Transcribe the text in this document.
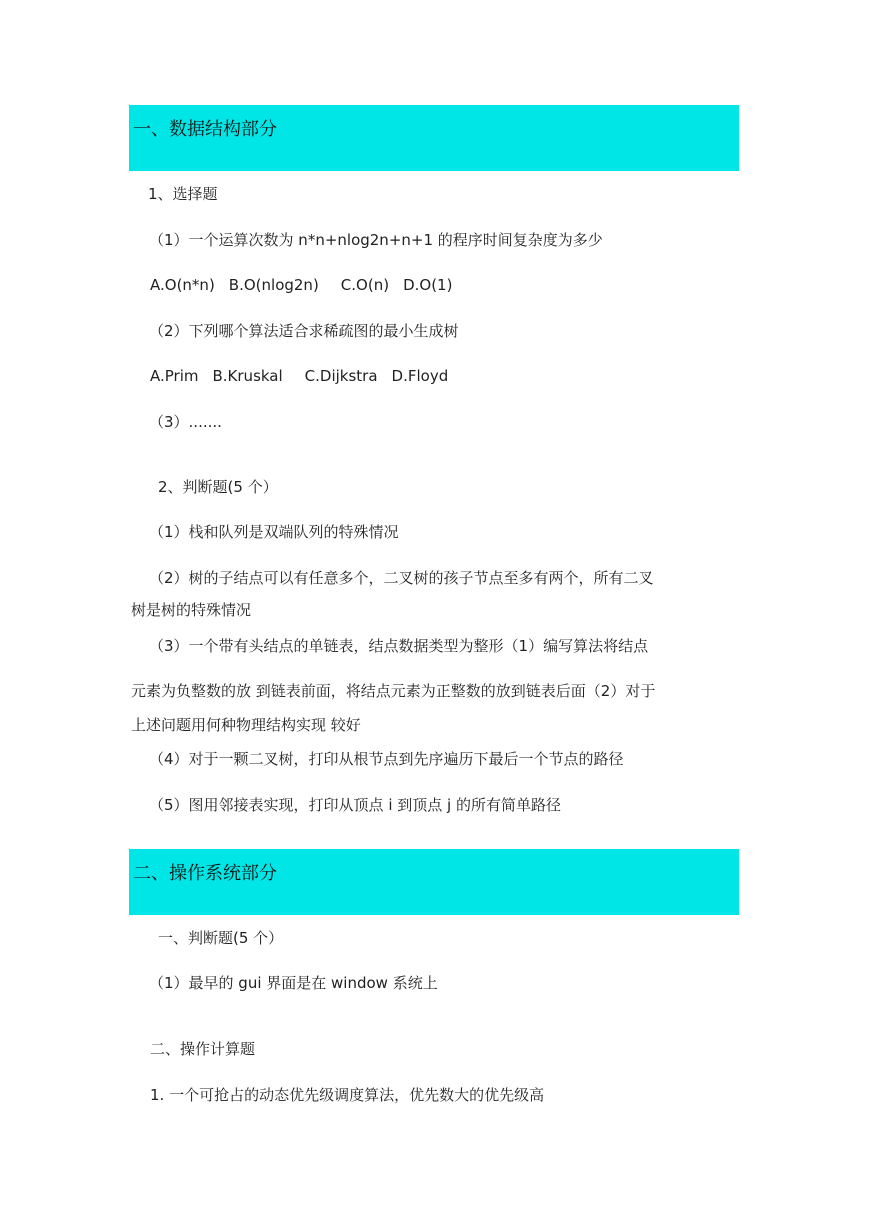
一、数据结构部分
1、选择题
（1）一个运算次数为 n*n+nlog2n+n+1 的程序时间复杂度为多少
A.O(n*n) B.O(nlog2n) C.O(n) D.O(1)
（2）下列哪个算法适合求稀疏图的最小生成树
A.Prim B.Kruskal C.Dijkstra D.Floyd
（3）.......
2、判断题(5 个）
（1）栈和队列是双端队列的特殊情况
（2）树的子结点可以有任意多个，二叉树的孩子节点至多有两个，所有二叉
树是树的特殊情况
（3）一个带有头结点的单链表，结点数据类型为整形（1）编写算法将结点
元素为负整数的放 到链表前面，将结点元素为正整数的放到链表后面（2）对于
上述问题用何种物理结构实现 较好
（4）对于一颗二叉树，打印从根节点到先序遍历下最后一个节点的路径
（5）图用邻接表实现，打印从顶点 i 到顶点 j 的所有简单路径
二、操作系统部分
一、判断题(5 个）
（1）最早的 gui 界面是在 window 系统上
二、操作计算题
1. 一个可抢占的动态优先级调度算法，优先数大的优先级高
